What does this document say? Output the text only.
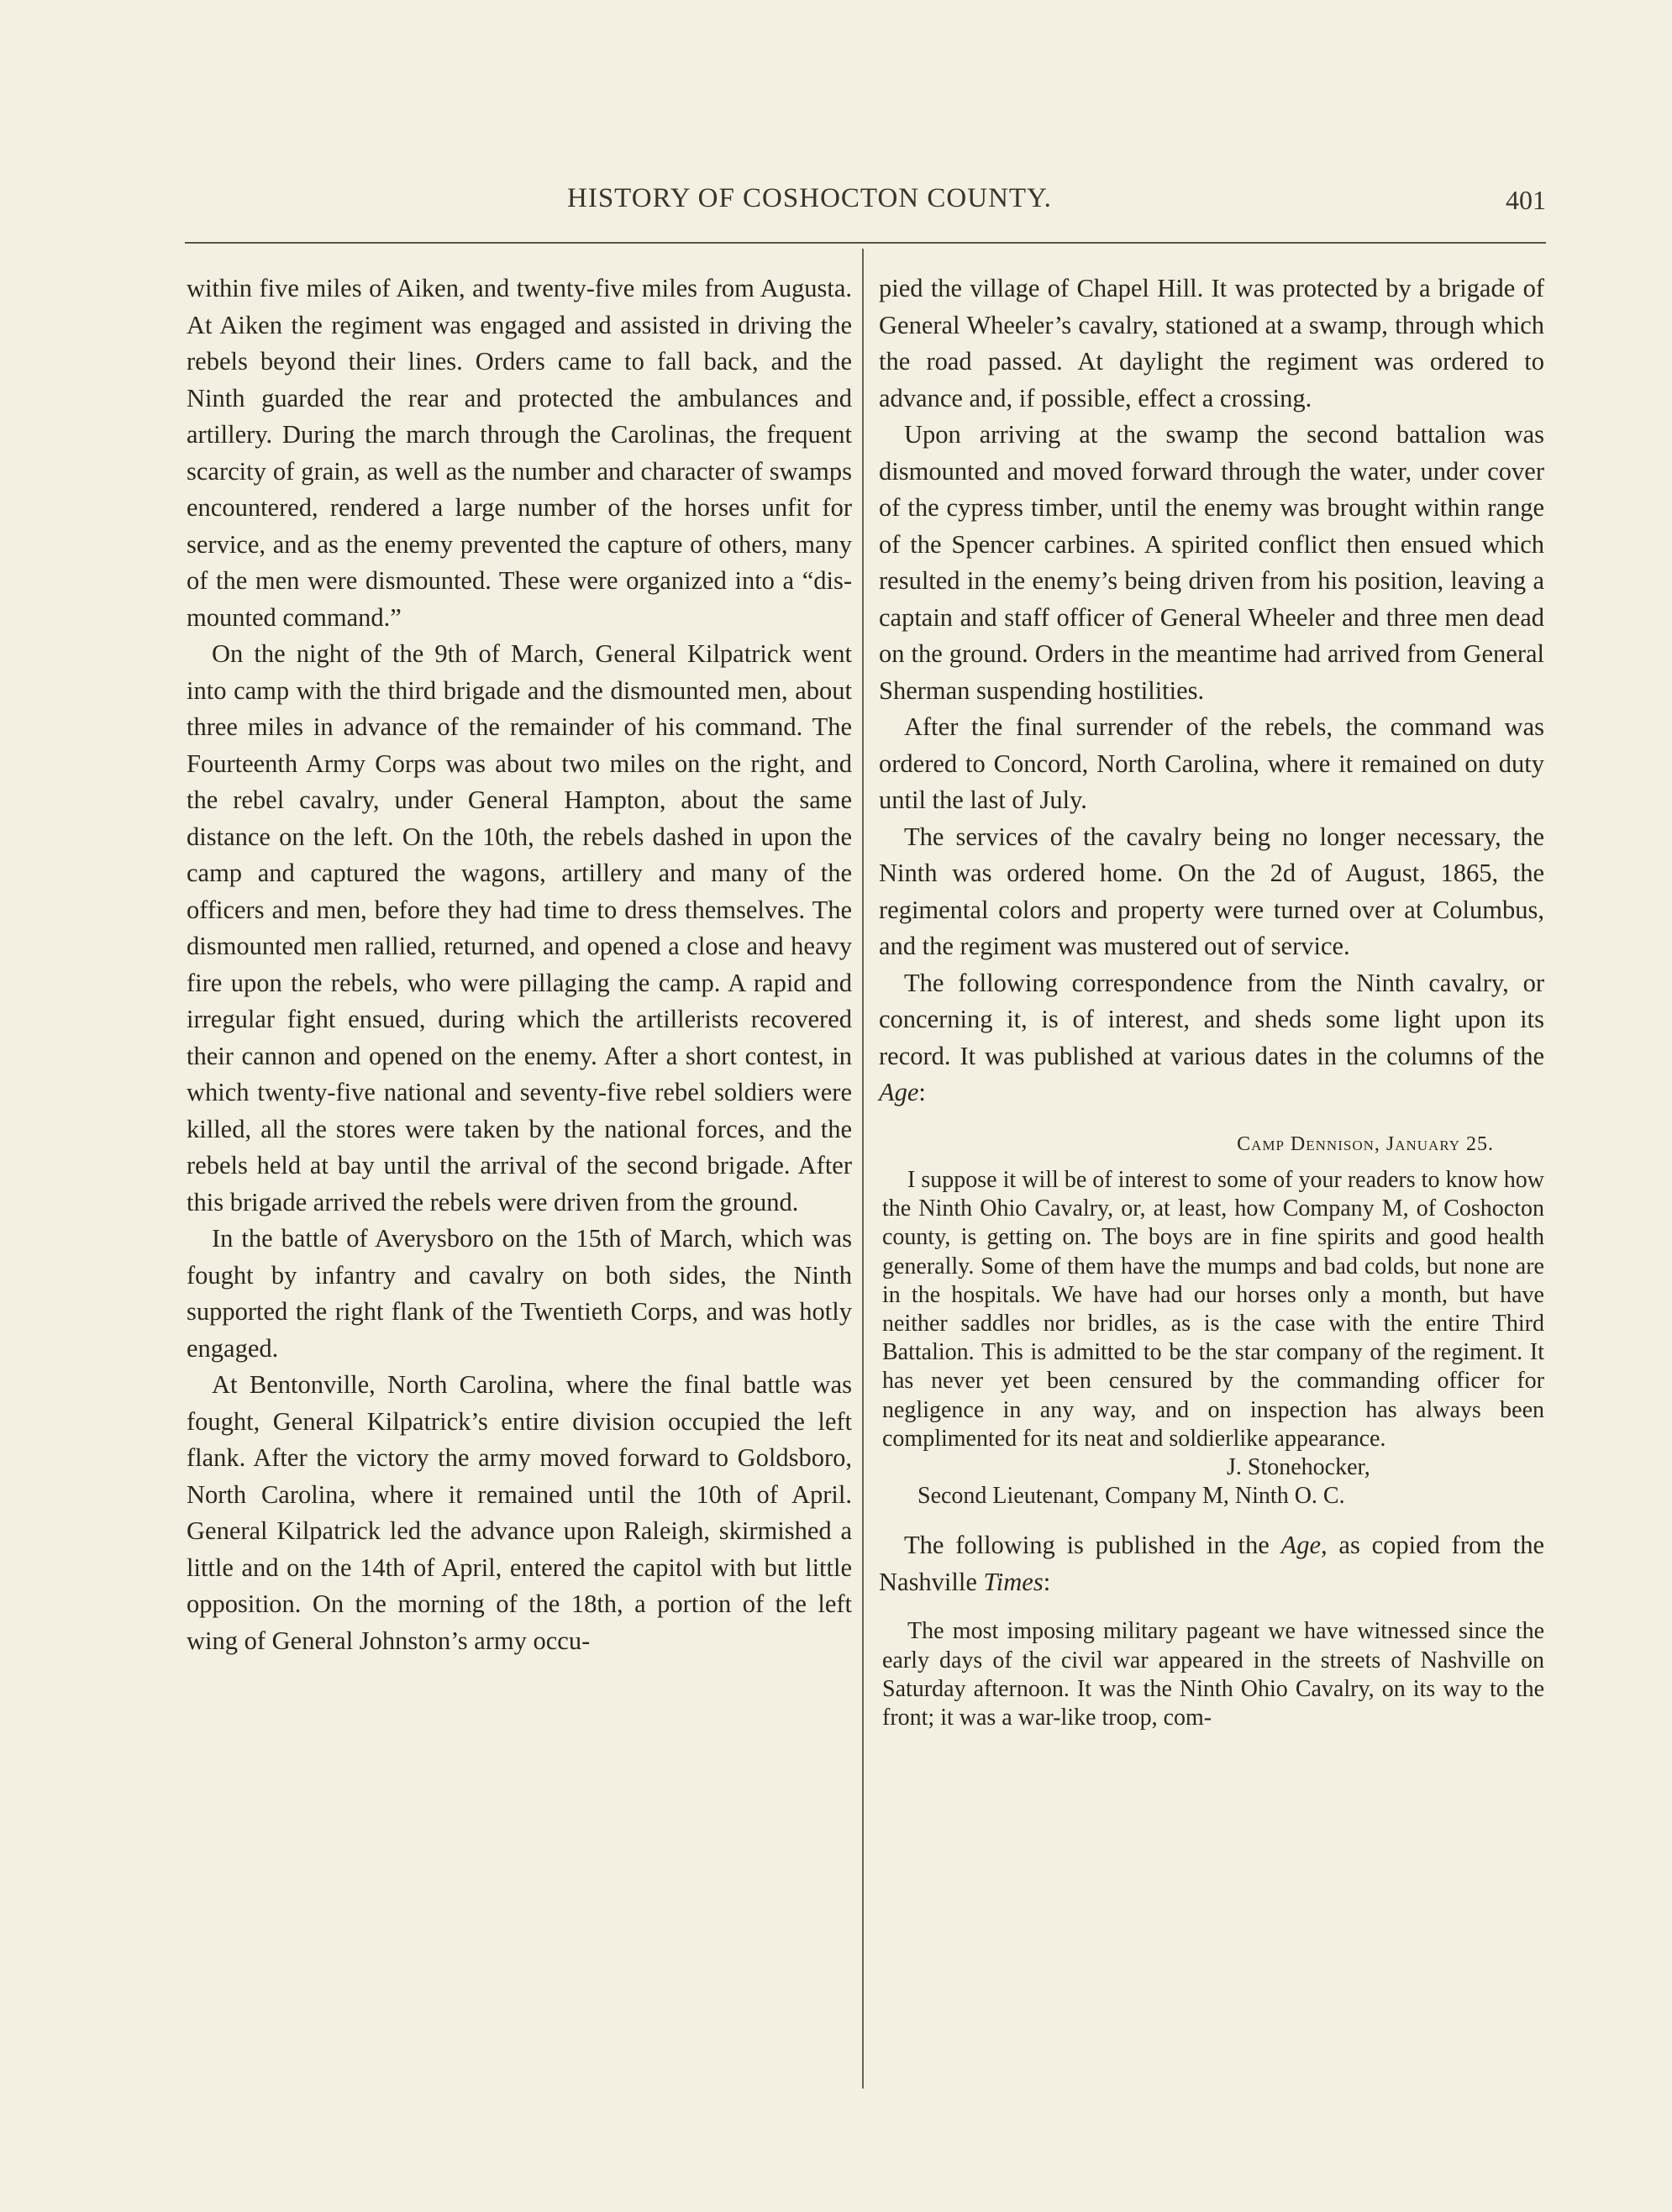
HISTORY OF COSHOCTON COUNTY.	401

within five miles of Aiken, and twenty-five miles from Augusta. At Aiken the regiment was engaged and assisted in driving the rebels beyond their lines. Orders came to fall back, and the Ninth guarded the rear and protected the ambulances and artillery. During the march through the Carolinas, the frequent scarcity of grain, as well as the number and character of swamps encountered, rendered a large number of the horses unfit for service, and as the enemy prevented the capture of others, many of the men were dismounted. These were organized into a “dismounted command.”

On the night of the 9th of March, General Kilpatrick went into camp with the third brigade and the dismounted men, about three miles in advance of the remainder of his command. The Fourteenth Army Corps was about two miles on the right, and the rebel cavalry, under General Hampton, about the same distance on the left. On the 10th, the rebels dashed in upon the camp and captured the wagons, artillery and many of the officers and men, before they had time to dress themselves. The dismounted men rallied, returned, and opened a close and heavy fire upon the rebels, who were pillaging the camp. A rapid and irregular fight ensued, during which the artillerists recovered their cannon and opened on the enemy. After a short contest, in which twenty-five national and seventy-five rebel soldiers were killed, all the stores were taken by the national forces, and the rebels held at bay until the arrival of the second brigade. After this brigade arrived the rebels were driven from the ground.

In the battle of Averysboro on the 15th of March, which was fought by infantry and cavalry on both sides, the Ninth supported the right flank of the Twentieth Corps, and was hotly engaged.

At Bentonville, North Carolina, where the final battle was fought, General Kilpatrick’s entire division occupied the left flank. After the victory the army moved forward to Goldsboro, North Carolina, where it remained until the 10th of April. General Kilpatrick led the advance upon Raleigh, skirmished a little and on the 14th of April, entered the capitol with but little opposition. On the morning of the 18th, a portion of the left wing of General Johnston’s army occu-

pied the village of Chapel Hill. It was protected by a brigade of General Wheeler’s cavalry, stationed at a swamp, through which the road passed. At daylight the regiment was ordered to advance and, if possible, effect a crossing.

Upon arriving at the swamp the second battalion was dismounted and moved forward through the water, under cover of the cypress timber, until the enemy was brought within range of the Spencer carbines. A spirited conflict then ensued which resulted in the enemy’s being driven from his position, leaving a captain and staff officer of General Wheeler and three men dead on the ground. Orders in the meantime had arrived from General Sherman suspending hostilities.

After the final surrender of the rebels, the command was ordered to Concord, North Carolina, where it remained on duty until the last of July.

The services of the cavalry being no longer necessary, the Ninth was ordered home. On the 2d of August, 1865, the regimental colors and property were turned over at Columbus, and the regiment was mustered out of service.

The following correspondence from the Ninth cavalry, or concerning it, is of interest, and sheds some light upon its record. It was published at various dates in the columns of the Age:

Camp Dennison, January 25.

I suppose it will be of interest to some of your readers to know how the Ninth Ohio Cavalry, or, at least, how Company M, of Coshocton county, is getting on. The boys are in fine spirits and good health generally. Some of them have the mumps and bad colds, but none are in the hospitals. We have had our horses only a month, but have neither saddles nor bridles, as is the case with the entire Third Battalion. This is admitted to be the star company of the regiment. It has never yet been censured by the commanding officer for negligence in any way, and on inspection has always been complimented for its neat and soldierlike appearance.

J. Stonehocker,
Second Lieutenant, Company M, Ninth O. C.

The following is published in the Age, as copied from the Nashville Times:

The most imposing military pageant we have witnessed since the early days of the civil war appeared in the streets of Nashville on Saturday afternoon. It was the Ninth Ohio Cavalry, on its way to the front; it was a war-like troop, com-
